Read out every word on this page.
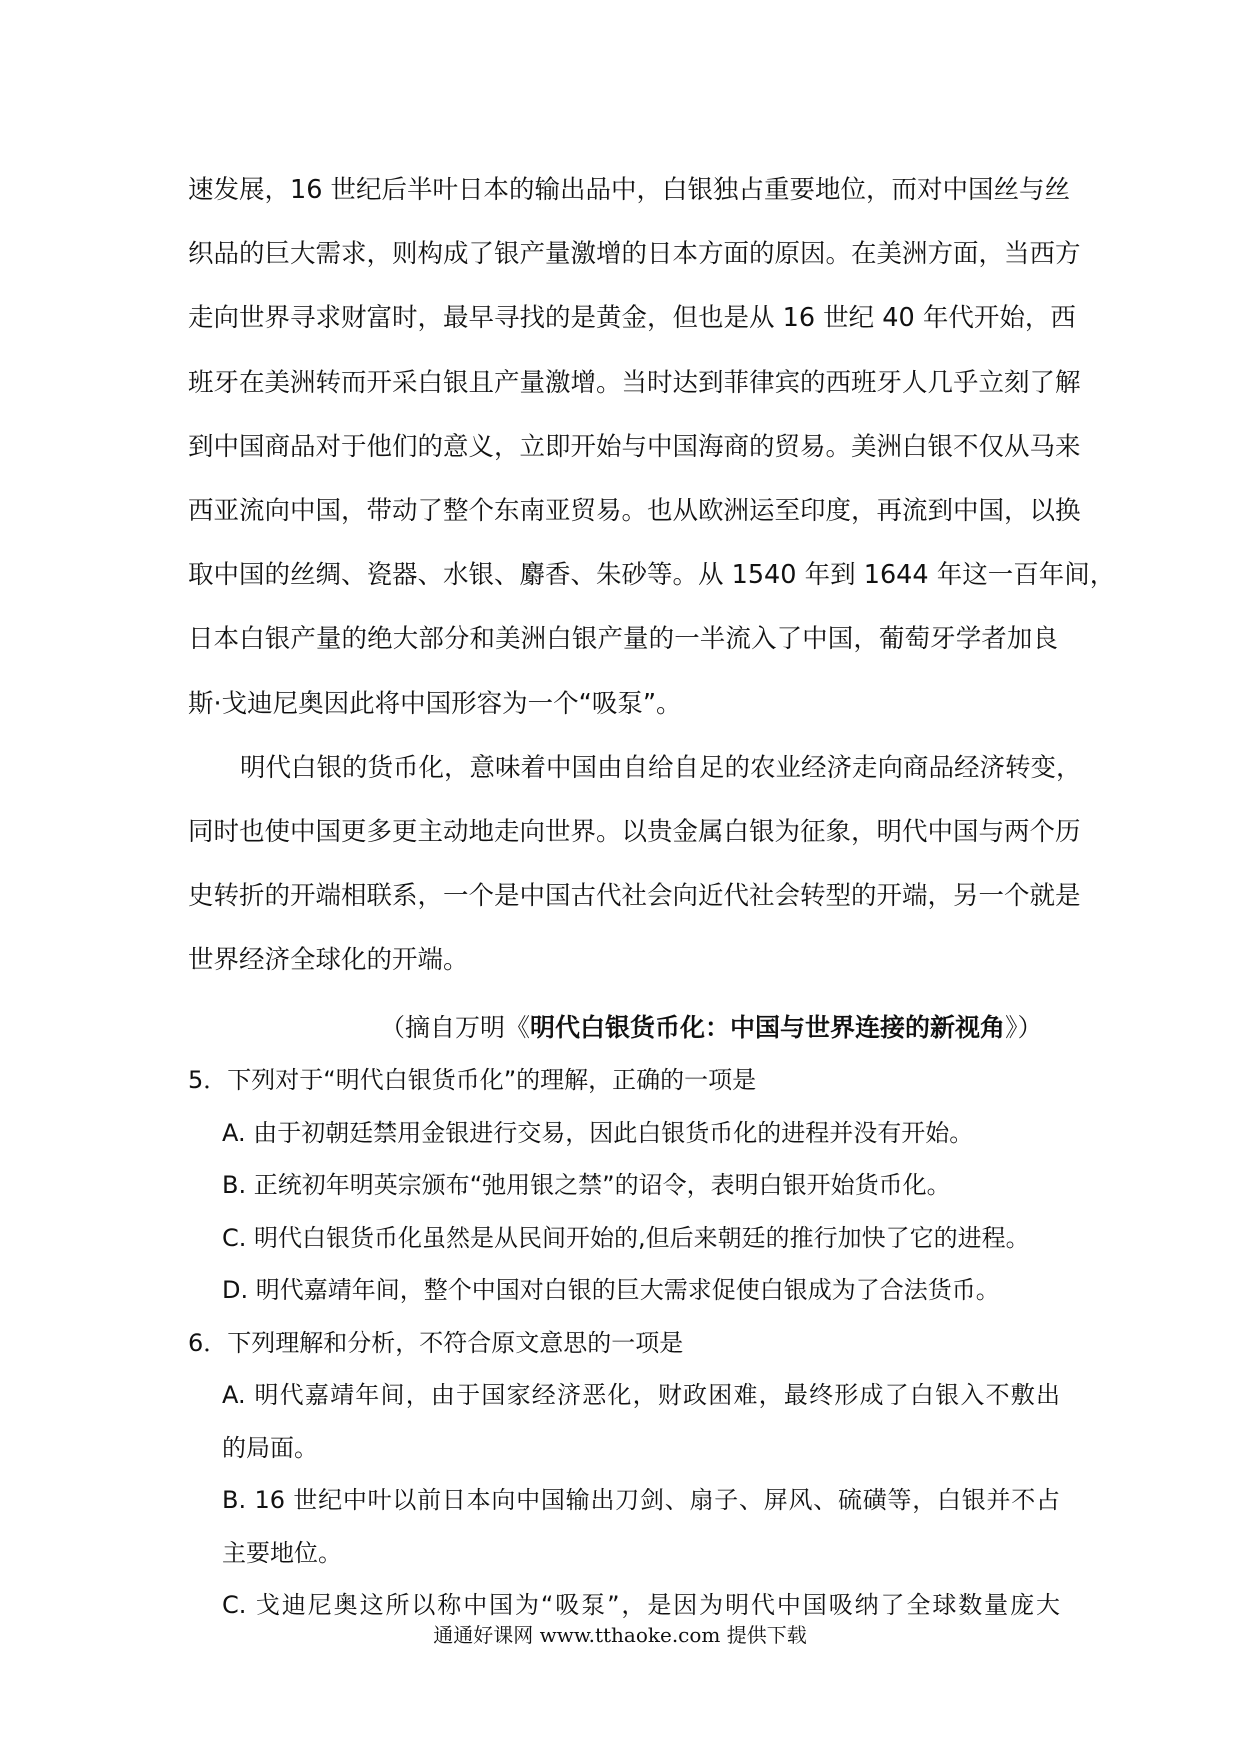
速发展，16 世纪后半叶日本的输出品中，白银独占重要地位，而对中国丝与丝
织品的巨大需求，则构成了银产量激增的日本方面的原因。在美洲方面，当西方
走向世界寻求财富时，最早寻找的是黄金，但也是从 16 世纪 40 年代开始，西
班牙在美洲转而开采白银且产量激增。当时达到菲律宾的西班牙人几乎立刻了解
到中国商品对于他们的意义，立即开始与中国海商的贸易。美洲白银不仅从马来
西亚流向中国，带动了整个东南亚贸易。也从欧洲运至印度，再流到中国，以换
取中国的丝绸、瓷器、水银、麝香、朱砂等。从 1540 年到 1644 年这一百年间，
日本白银产量的绝大部分和美洲白银产量的一半流入了中国，葡萄牙学者加良
斯·戈迪尼奥因此将中国形容为一个“吸泵”。
明代白银的货币化，意味着中国由自给自足的农业经济走向商品经济转变，
同时也使中国更多更主动地走向世界。以贵金属白银为征象，明代中国与两个历
史转折的开端相联系，一个是中国古代社会向近代社会转型的开端，另一个就是
世界经济全球化的开端。
（摘自万明《明代白银货币化：中国与世界连接的新视角》）
5．下列对于“明代白银货币化”的理解，正确的一项是
A. 由于初朝廷禁用金银进行交易，因此白银货币化的进程并没有开始。
B. 正统初年明英宗颁布“弛用银之禁”的诏令，表明白银开始货币化。
C. 明代白银货币化虽然是从民间开始的,但后来朝廷的推行加快了它的进程。
D. 明代嘉靖年间，整个中国对白银的巨大需求促使白银成为了合法货币。
6．下列理解和分析，不符合原文意思的一项是
A. 明代嘉靖年间，由于国家经济恶化，财政困难，最终形成了白银入不敷出
的局面。
B. 16 世纪中叶以前日本向中国输出刀剑、扇子、屏风、硫磺等，白银并不占
主要地位。
C. 戈迪尼奥这所以称中国为“吸泵”，是因为明代中国吸纳了全球数量庞大
通通好课网 www.tthaoke.com 提供下载
